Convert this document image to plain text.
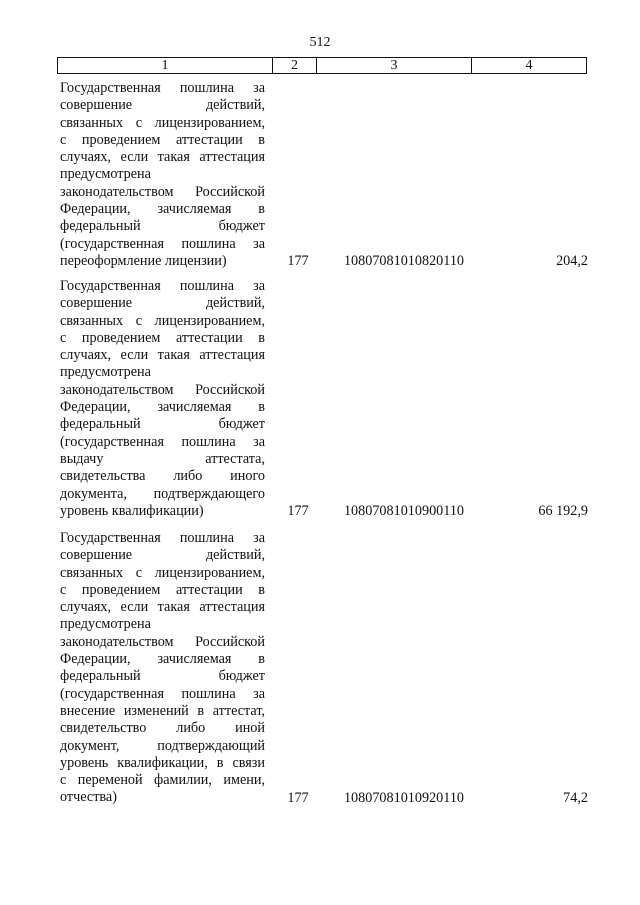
512
1	2	3	4
Государственная пошлина за
совершение действий,
связанных с лицензированием,
с проведением аттестации в
случаях, если такая аттестация
предусмотрена
законодательством Российской
Федерации, зачисляемая в
федеральный бюджет
(государственная пошлина за
переоформление лицензии)	177	10807081010820110	204,2
Государственная пошлина за
совершение действий,
связанных с лицензированием,
с проведением аттестации в
случаях, если такая аттестация
предусмотрена
законодательством Российской
Федерации, зачисляемая в
федеральный бюджет
(государственная пошлина за
выдачу аттестата,
свидетельства либо иного
документа, подтверждающего
уровень квалификации)	177	10807081010900110	66 192,9
Государственная пошлина за
совершение действий,
связанных с лицензированием,
с проведением аттестации в
случаях, если такая аттестация
предусмотрена
законодательством Российской
Федерации, зачисляемая в
федеральный бюджет
(государственная пошлина за
внесение изменений в аттестат,
свидетельство либо иной
документ, подтверждающий
уровень квалификации, в связи
с переменой фамилии, имени,
отчества)	177	10807081010920110	74,2
